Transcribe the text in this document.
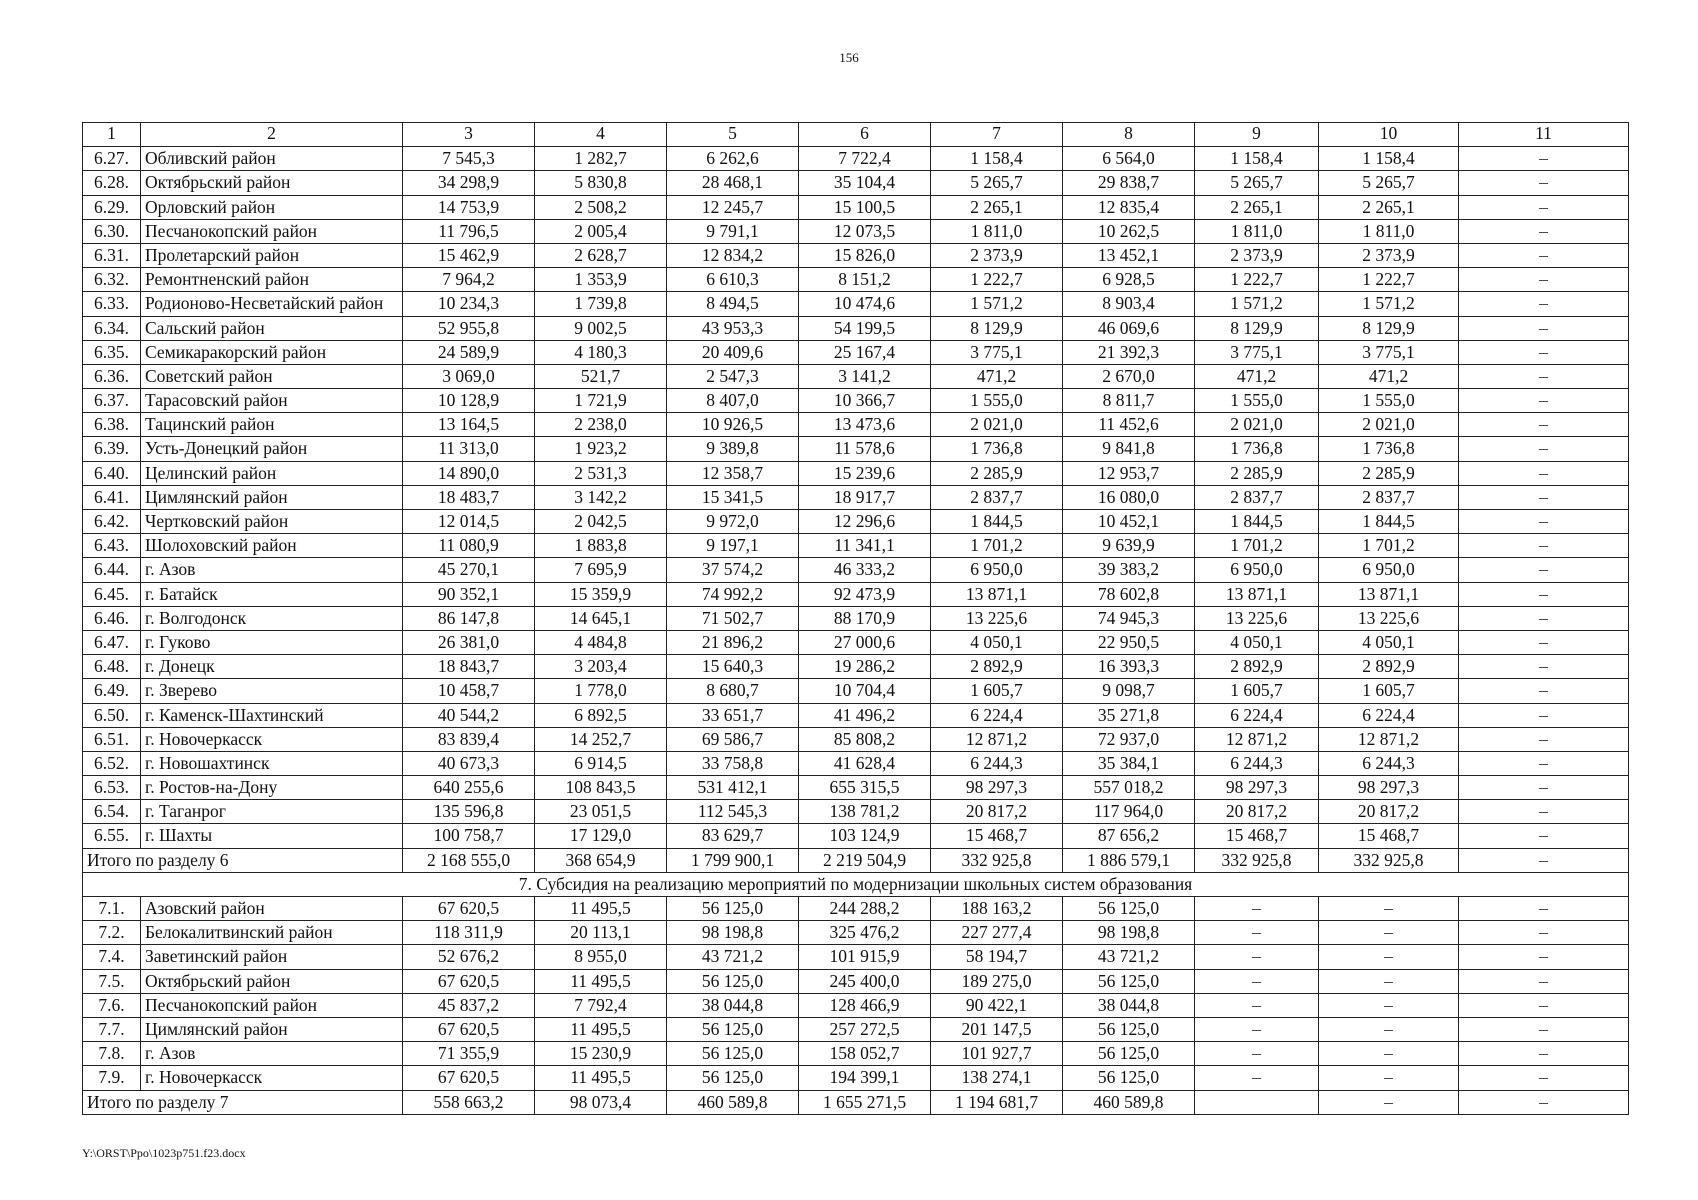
156
1	2	3	4	5	6	7	8	9	10	11
6.27.	Обливский район	7 545,3	1 282,7	6 262,6	7 722,4	1 158,4	6 564,0	1 158,4	1 158,4	–
6.28.	Октябрьский район	34 298,9	5 830,8	28 468,1	35 104,4	5 265,7	29 838,7	5 265,7	5 265,7	–
6.29.	Орловский район	14 753,9	2 508,2	12 245,7	15 100,5	2 265,1	12 835,4	2 265,1	2 265,1	–
6.30.	Песчанокопский район	11 796,5	2 005,4	9 791,1	12 073,5	1 811,0	10 262,5	1 811,0	1 811,0	–
6.31.	Пролетарский район	15 462,9	2 628,7	12 834,2	15 826,0	2 373,9	13 452,1	2 373,9	2 373,9	–
6.32.	Ремонтненский район	7 964,2	1 353,9	6 610,3	8 151,2	1 222,7	6 928,5	1 222,7	1 222,7	–
6.33.	Родионово-Несветайский район	10 234,3	1 739,8	8 494,5	10 474,6	1 571,2	8 903,4	1 571,2	1 571,2	–
6.34.	Сальский район	52 955,8	9 002,5	43 953,3	54 199,5	8 129,9	46 069,6	8 129,9	8 129,9	–
6.35.	Семикаракорский район	24 589,9	4 180,3	20 409,6	25 167,4	3 775,1	21 392,3	3 775,1	3 775,1	–
6.36.	Советский район	3 069,0	521,7	2 547,3	3 141,2	471,2	2 670,0	471,2	471,2	–
6.37.	Тарасовский район	10 128,9	1 721,9	8 407,0	10 366,7	1 555,0	8 811,7	1 555,0	1 555,0	–
6.38.	Тацинский район	13 164,5	2 238,0	10 926,5	13 473,6	2 021,0	11 452,6	2 021,0	2 021,0	–
6.39.	Усть-Донецкий район	11 313,0	1 923,2	9 389,8	11 578,6	1 736,8	9 841,8	1 736,8	1 736,8	–
6.40.	Целинский район	14 890,0	2 531,3	12 358,7	15 239,6	2 285,9	12 953,7	2 285,9	2 285,9	–
6.41.	Цимлянский район	18 483,7	3 142,2	15 341,5	18 917,7	2 837,7	16 080,0	2 837,7	2 837,7	–
6.42.	Чертковский район	12 014,5	2 042,5	9 972,0	12 296,6	1 844,5	10 452,1	1 844,5	1 844,5	–
6.43.	Шолоховский район	11 080,9	1 883,8	9 197,1	11 341,1	1 701,2	9 639,9	1 701,2	1 701,2	–
6.44.	г. Азов	45 270,1	7 695,9	37 574,2	46 333,2	6 950,0	39 383,2	6 950,0	6 950,0	–
6.45.	г. Батайск	90 352,1	15 359,9	74 992,2	92 473,9	13 871,1	78 602,8	13 871,1	13 871,1	–
6.46.	г. Волгодонск	86 147,8	14 645,1	71 502,7	88 170,9	13 225,6	74 945,3	13 225,6	13 225,6	–
6.47.	г. Гуково	26 381,0	4 484,8	21 896,2	27 000,6	4 050,1	22 950,5	4 050,1	4 050,1	–
6.48.	г. Донецк	18 843,7	3 203,4	15 640,3	19 286,2	2 892,9	16 393,3	2 892,9	2 892,9	–
6.49.	г. Зверево	10 458,7	1 778,0	8 680,7	10 704,4	1 605,7	9 098,7	1 605,7	1 605,7	–
6.50.	г. Каменск-Шахтинский	40 544,2	6 892,5	33 651,7	41 496,2	6 224,4	35 271,8	6 224,4	6 224,4	–
6.51.	г. Новочеркасск	83 839,4	14 252,7	69 586,7	85 808,2	12 871,2	72 937,0	12 871,2	12 871,2	–
6.52.	г. Новошахтинск	40 673,3	6 914,5	33 758,8	41 628,4	6 244,3	35 384,1	6 244,3	6 244,3	–
6.53.	г. Ростов-на-Дону	640 255,6	108 843,5	531 412,1	655 315,5	98 297,3	557 018,2	98 297,3	98 297,3	–
6.54.	г. Таганрог	135 596,8	23 051,5	112 545,3	138 781,2	20 817,2	117 964,0	20 817,2	20 817,2	–
6.55.	г. Шахты	100 758,7	17 129,0	83 629,7	103 124,9	15 468,7	87 656,2	15 468,7	15 468,7	–
Итого по разделу 6		2 168 555,0	368 654,9	1 799 900,1	2 219 504,9	332 925,8	1 886 579,1	332 925,8	332 925,8	–
7. Субсидия на реализацию мероприятий по модернизации школьных систем образования										
7.1.	Азовский район	67 620,5	11 495,5	56 125,0	244 288,2	188 163,2	56 125,0	–	–	–
7.2.	Белокалитвинский район	118 311,9	20 113,1	98 198,8	325 476,2	227 277,4	98 198,8	–	–	–
7.4.	Заветинский район	52 676,2	8 955,0	43 721,2	101 915,9	58 194,7	43 721,2	–	–	–
7.5.	Октябрьский район	67 620,5	11 495,5	56 125,0	245 400,0	189 275,0	56 125,0	–	–	–
7.6.	Песчанокопский район	45 837,2	7 792,4	38 044,8	128 466,9	90 422,1	38 044,8	–	–	–
7.7.	Цимлянский район	67 620,5	11 495,5	56 125,0	257 272,5	201 147,5	56 125,0	–	–	–
7.8.	г. Азов	71 355,9	15 230,9	56 125,0	158 052,7	101 927,7	56 125,0	–	–	–
7.9.	г. Новочеркасск	67 620,5	11 495,5	56 125,0	194 399,1	138 274,1	56 125,0	–	–	–
Итого по разделу 7		558 663,2	98 073,4	460 589,8	1 655 271,5	1 194 681,7	460 589,8		–	–
Y:\ORST\Ppo\1023p751.f23.docx
